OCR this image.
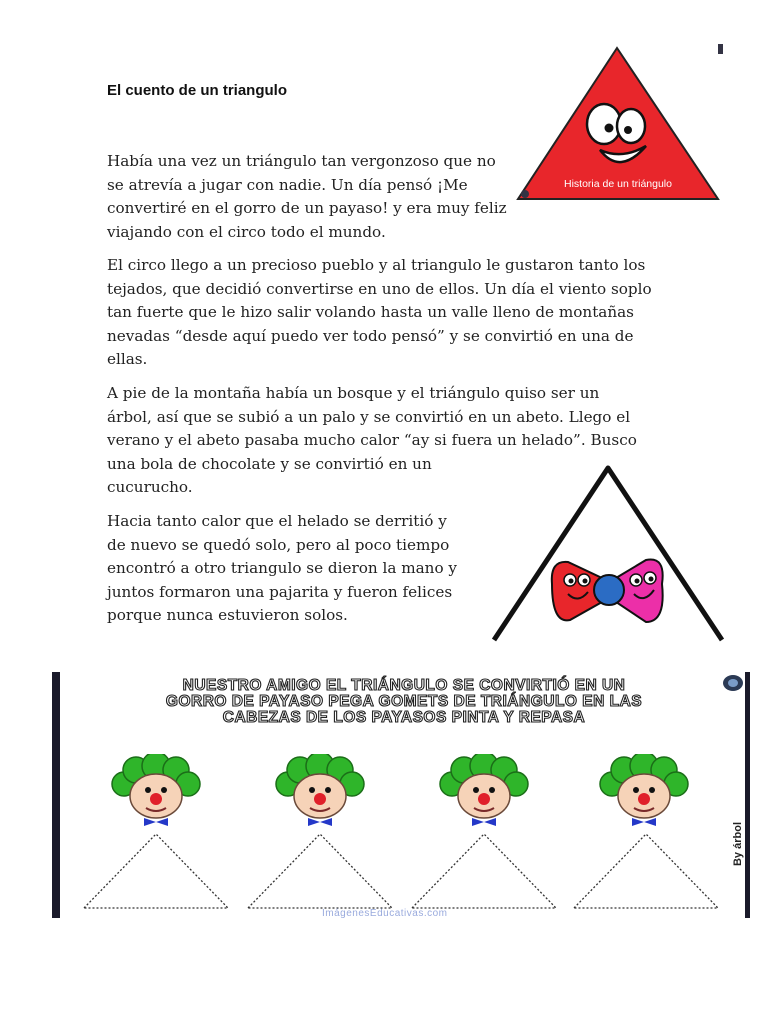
El cuento de un triangulo
Había una vez un triángulo tan vergonzoso que no se atrevía a jugar con nadie. Un día pensó ¡Me convertiré en el gorro de un payaso! y era muy feliz viajando con el circo todo el mundo.
Historia de un triángulo
El circo llego a un precioso pueblo y al triangulo le gustaron tanto los tejados, que decidió convertirse en uno de ellos. Un día el viento soplo tan fuerte que le hizo salir volando hasta un valle lleno de montañas nevadas “desde aquí puedo ver todo pensó” y se convirtió en una de ellas.
A pie de la montaña había un bosque y el triángulo quiso ser un
árbol, así que se subió a un palo y se convirtió en un abeto. Llego el
verano y el abeto pasaba mucho calor “ay si fuera un helado”. Busco
una bola de chocolate y se convirtió en un
cucurucho.
Hacia tanto calor que el helado se derritió y de nuevo se quedó solo, pero al poco tiempo encontró a otro triangulo se dieron la mano y juntos formaron una pajarita y fueron felices porque nunca estuvieron solos.
NUESTRO AMIGO EL TRIÁNGULO SE CONVIRTIÓ EN UN
GORRO DE PAYASO PEGA GOMETS DE TRIÁNGULO EN LAS
CABEZAS DE LOS PAYASOS PINTA Y REPASA
By árbol
ImágenesEducativas.com
